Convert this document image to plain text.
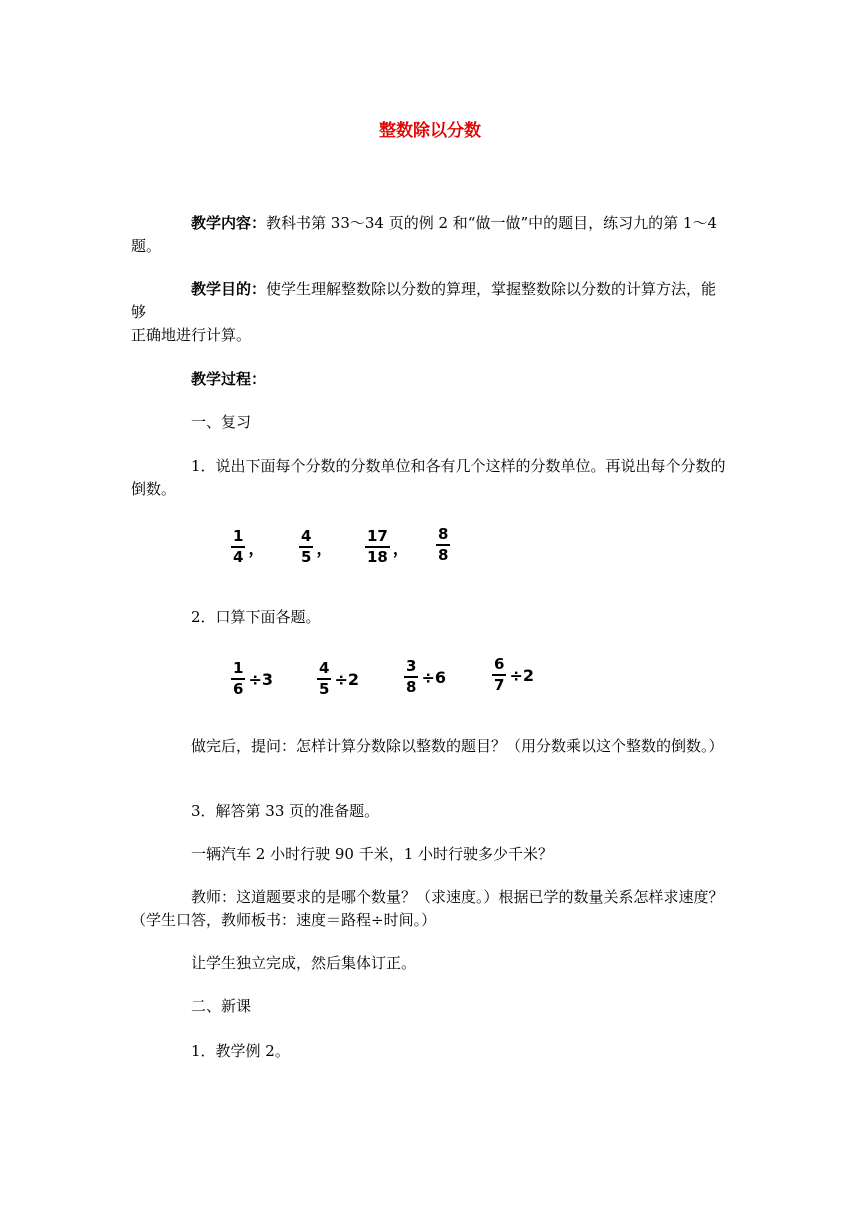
整数除以分数
教学内容：教科书第 33～34 页的例 2 和“做一做”中的题目，练习九的第 1～4 题。
教学目的：使学生理解整数除以分数的算理，掌握整数除以分数的计算方法，能够
正确地进行计算。
教学过程：
一、复习
1．说出下面每个分数的分数单位和各有几个这样的分数单位。再说出每个分数的倒数。
$\frac{1}{4}$ ， $\frac{4}{5}$ ， $\frac{17}{18}$ ， $\frac{8}{8}$
2．口算下面各题。
$\frac{1}{6} \div 3$	$\frac{4}{5} \div 2$	$\frac{3}{8} \div 6$	$\frac{6}{7} \div 2$
做完后，提问：怎样计算分数除以整数的题目？（用分数乘以这个整数的倒数。）
3．解答第 33 页的准备题。
一辆汽车 2 小时行驶 90 千米，1 小时行驶多少千米？
教师：这道题要求的是哪个数量？（求速度。）根据已学的数量关系怎样求速度？（学生口答，教师板书：速度＝路程÷时间。）
让学生独立完成，然后集体订正。
二、新课
1．教学例 2。
